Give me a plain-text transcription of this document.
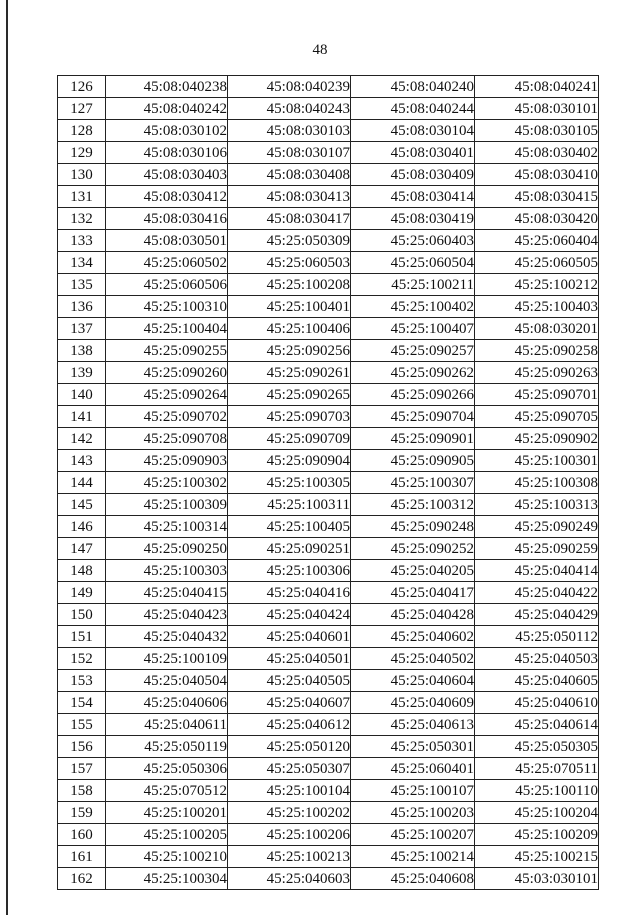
48
126	45:08:040238	45:08:040239	45:08:040240	45:08:040241
127	45:08:040242	45:08:040243	45:08:040244	45:08:030101
128	45:08:030102	45:08:030103	45:08:030104	45:08:030105
129	45:08:030106	45:08:030107	45:08:030401	45:08:030402
130	45:08:030403	45:08:030408	45:08:030409	45:08:030410
131	45:08:030412	45:08:030413	45:08:030414	45:08:030415
132	45:08:030416	45:08:030417	45:08:030419	45:08:030420
133	45:08:030501	45:25:050309	45:25:060403	45:25:060404
134	45:25:060502	45:25:060503	45:25:060504	45:25:060505
135	45:25:060506	45:25:100208	45:25:100211	45:25:100212
136	45:25:100310	45:25:100401	45:25:100402	45:25:100403
137	45:25:100404	45:25:100406	45:25:100407	45:08:030201
138	45:25:090255	45:25:090256	45:25:090257	45:25:090258
139	45:25:090260	45:25:090261	45:25:090262	45:25:090263
140	45:25:090264	45:25:090265	45:25:090266	45:25:090701
141	45:25:090702	45:25:090703	45:25:090704	45:25:090705
142	45:25:090708	45:25:090709	45:25:090901	45:25:090902
143	45:25:090903	45:25:090904	45:25:090905	45:25:100301
144	45:25:100302	45:25:100305	45:25:100307	45:25:100308
145	45:25:100309	45:25:100311	45:25:100312	45:25:100313
146	45:25:100314	45:25:100405	45:25:090248	45:25:090249
147	45:25:090250	45:25:090251	45:25:090252	45:25:090259
148	45:25:100303	45:25:100306	45:25:040205	45:25:040414
149	45:25:040415	45:25:040416	45:25:040417	45:25:040422
150	45:25:040423	45:25:040424	45:25:040428	45:25:040429
151	45:25:040432	45:25:040601	45:25:040602	45:25:050112
152	45:25:100109	45:25:040501	45:25:040502	45:25:040503
153	45:25:040504	45:25:040505	45:25:040604	45:25:040605
154	45:25:040606	45:25:040607	45:25:040609	45:25:040610
155	45:25:040611	45:25:040612	45:25:040613	45:25:040614
156	45:25:050119	45:25:050120	45:25:050301	45:25:050305
157	45:25:050306	45:25:050307	45:25:060401	45:25:070511
158	45:25:070512	45:25:100104	45:25:100107	45:25:100110
159	45:25:100201	45:25:100202	45:25:100203	45:25:100204
160	45:25:100205	45:25:100206	45:25:100207	45:25:100209
161	45:25:100210	45:25:100213	45:25:100214	45:25:100215
162	45:25:100304	45:25:040603	45:25:040608	45:03:030101
